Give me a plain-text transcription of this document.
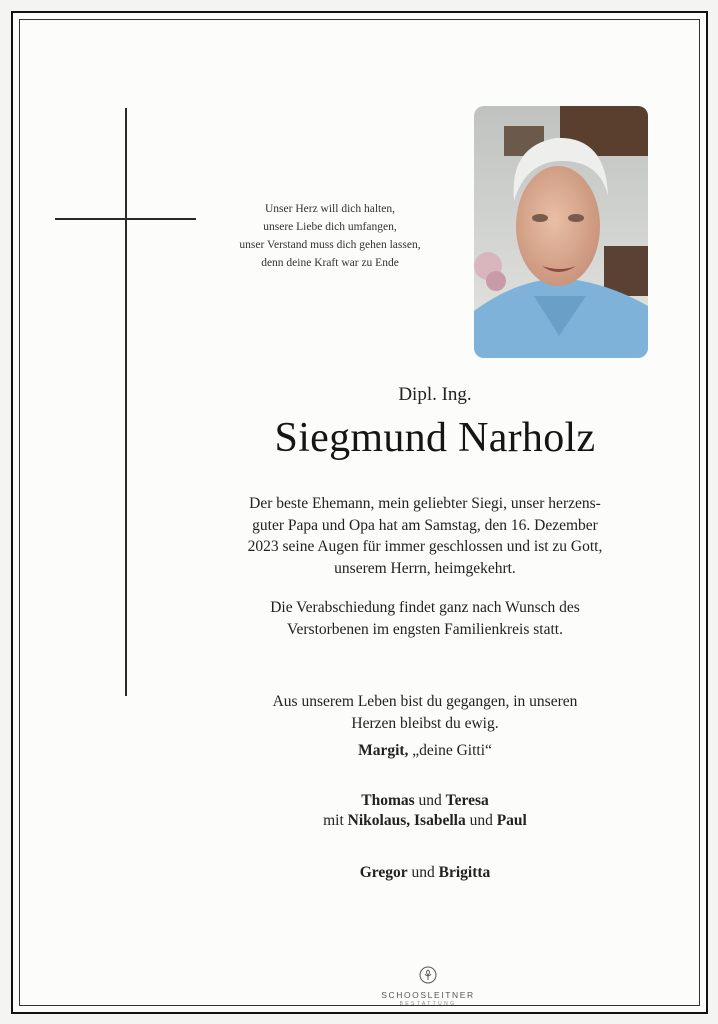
Unser Herz will dich halten,
unsere Liebe dich umfangen,
unser Verstand muss dich gehen lassen,
denn deine Kraft war zu Ende
Dipl. Ing.
Siegmund Narholz
Der beste Ehemann, mein geliebter Siegi, unser herzens-
guter Papa und Opa hat am Samstag, den 16. Dezember
2023 seine Augen für immer geschlossen und ist zu Gott,
unserem Herrn, heimgekehrt.
Die Verabschiedung findet ganz nach Wunsch des
Verstorbenen im engsten Familienkreis statt.
Aus unserem Leben bist du gegangen, in unseren
Herzen bleibst du ewig.
Margit, „deine Gitti“
Thomas und Teresa
mit Nikolaus, Isabella und Paul
Gregor und Brigitta
SCHOOSLEITNER
BESTATTUNG
